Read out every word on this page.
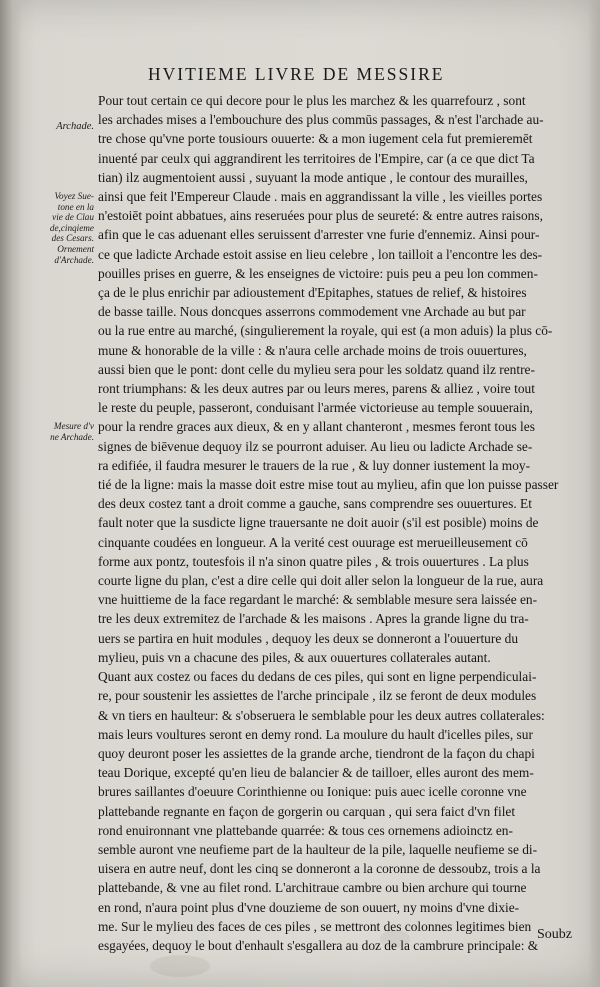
HVITIEME LIVRE DE MESSIRE
Archade.
Voyez Sue-
tone en la
vie de Clau
de,cinqieme
des Cesars.
Ornement
d'Archade.
Mesure d'v
ne Archade.
Pour tout certain ce qui decore pour le plus les marchez & les quarrefourz , sont
les archades mises a l'embouchure des plus commūs passages, & n'est l'archade au-
tre chose qu'vne porte tousiours ouuerte: & a mon iugement cela fut premieremēt
inuenté par ceulx qui aggrandirent les territoires de l'Empire, car (a ce que dict Ta
tian) ilz augmentoient aussi , suyuant la mode antique , le contour des murailles,
ainsi que feit l'Empereur Claude . mais en aggrandissant la ville , les vieilles portes
n'estoiēt point abbatues, ains reseruées pour plus de seureté: & entre autres raisons,
afin que le cas aduenant elles seruissent d'arrester vne furie d'ennemiz. Ainsi pour-
ce que ladicte Archade estoit assise en lieu celebre , lon tailloit a l'encontre les des-
pouilles prises en guerre, & les enseignes de victoire: puis peu a peu lon commen-
ça de le plus enrichir par adioustement d'Epitaphes, statues de relief, & histoires
de basse taille. Nous doncques asserrons commodement vne Archade au but par
ou la rue entre au marché, (singulierement la royale, qui est (a mon aduis) la plus cō-
mune & honorable de la ville : & n'aura celle archade moins de trois ouuertures,
aussi bien que le pont: dont celle du mylieu sera pour les soldatz quand ilz rentre-
ront triumphans: & les deux autres par ou leurs meres, parens & alliez , voire tout
le reste du peuple, passeront, conduisant l'armée victorieuse au temple souuerain,
pour la rendre graces aux dieux, & en y allant chanteront , mesmes feront tous les
signes de biēvenue dequoy ilz se pourront aduiser. Au lieu ou ladicte Archade se-
ra edifiée, il faudra mesurer le trauers de la rue , & luy donner iustement la moy-
tié de la ligne: mais la masse doit estre mise tout au mylieu, afin que lon puisse passer
des deux costez tant a droit comme a gauche, sans comprendre ses ouuertures. Et
fault noter que la susdicte ligne trauersante ne doit auoir (s'il est posible) moins de
cinquante coudées en longueur. A la verité cest ouurage est merueilleusement cō
forme aux pontz, toutesfois il n'a sinon quatre piles , & trois ouuertures . La plus
courte ligne du plan, c'est a dire celle qui doit aller selon la longueur de la rue, aura
vne huittieme de la face regardant le marché: & semblable mesure sera laissée en-
tre les deux extremitez de l'archade & les maisons . Apres la grande ligne du tra-
uers se partira en huit modules , dequoy les deux se donneront a l'ouuerture du
mylieu, puis vn a chacune des piles, & aux ouuertures collaterales autant.
Quant aux costez ou faces du dedans de ces piles, qui sont en ligne perpendiculai-
re, pour soustenir les assiettes de l'arche principale , ilz se feront de deux modules
& vn tiers en haulteur: & s'obseruera le semblable pour les deux autres collaterales:
mais leurs voultures seront en demy rond. La moulure du hault d'icelles piles, sur
quoy deuront poser les assiettes de la grande arche, tiendront de la façon du chapi
teau Dorique, excepté qu'en lieu de balancier & de tailloer, elles auront des mem-
brures saillantes d'oeuure Corinthienne ou Ionique: puis auec icelle coronne vne
plattebande regnante en façon de gorgerin ou carquan , qui sera faict d'vn filet
rond enuironnant vne plattebande quarrée: & tous ces ornemens adioinctz en-
semble auront vne neufieme part de la haulteur de la pile, laquelle neufieme se di-
uisera en autre neuf, dont les cinq se donneront a la coronne de dessoubz, trois a la
plattebande, & vne au filet rond. L'architraue cambre ou bien archure qui tourne
en rond, n'aura point plus d'vne douzieme de son ouuert, ny moins d'vne dixie-
me. Sur le mylieu des faces de ces piles , se mettront des colonnes legitimes bien
esgayées, dequoy le bout d'enhault s'esgallera au doz de la cambrure principale: &
Soubz
